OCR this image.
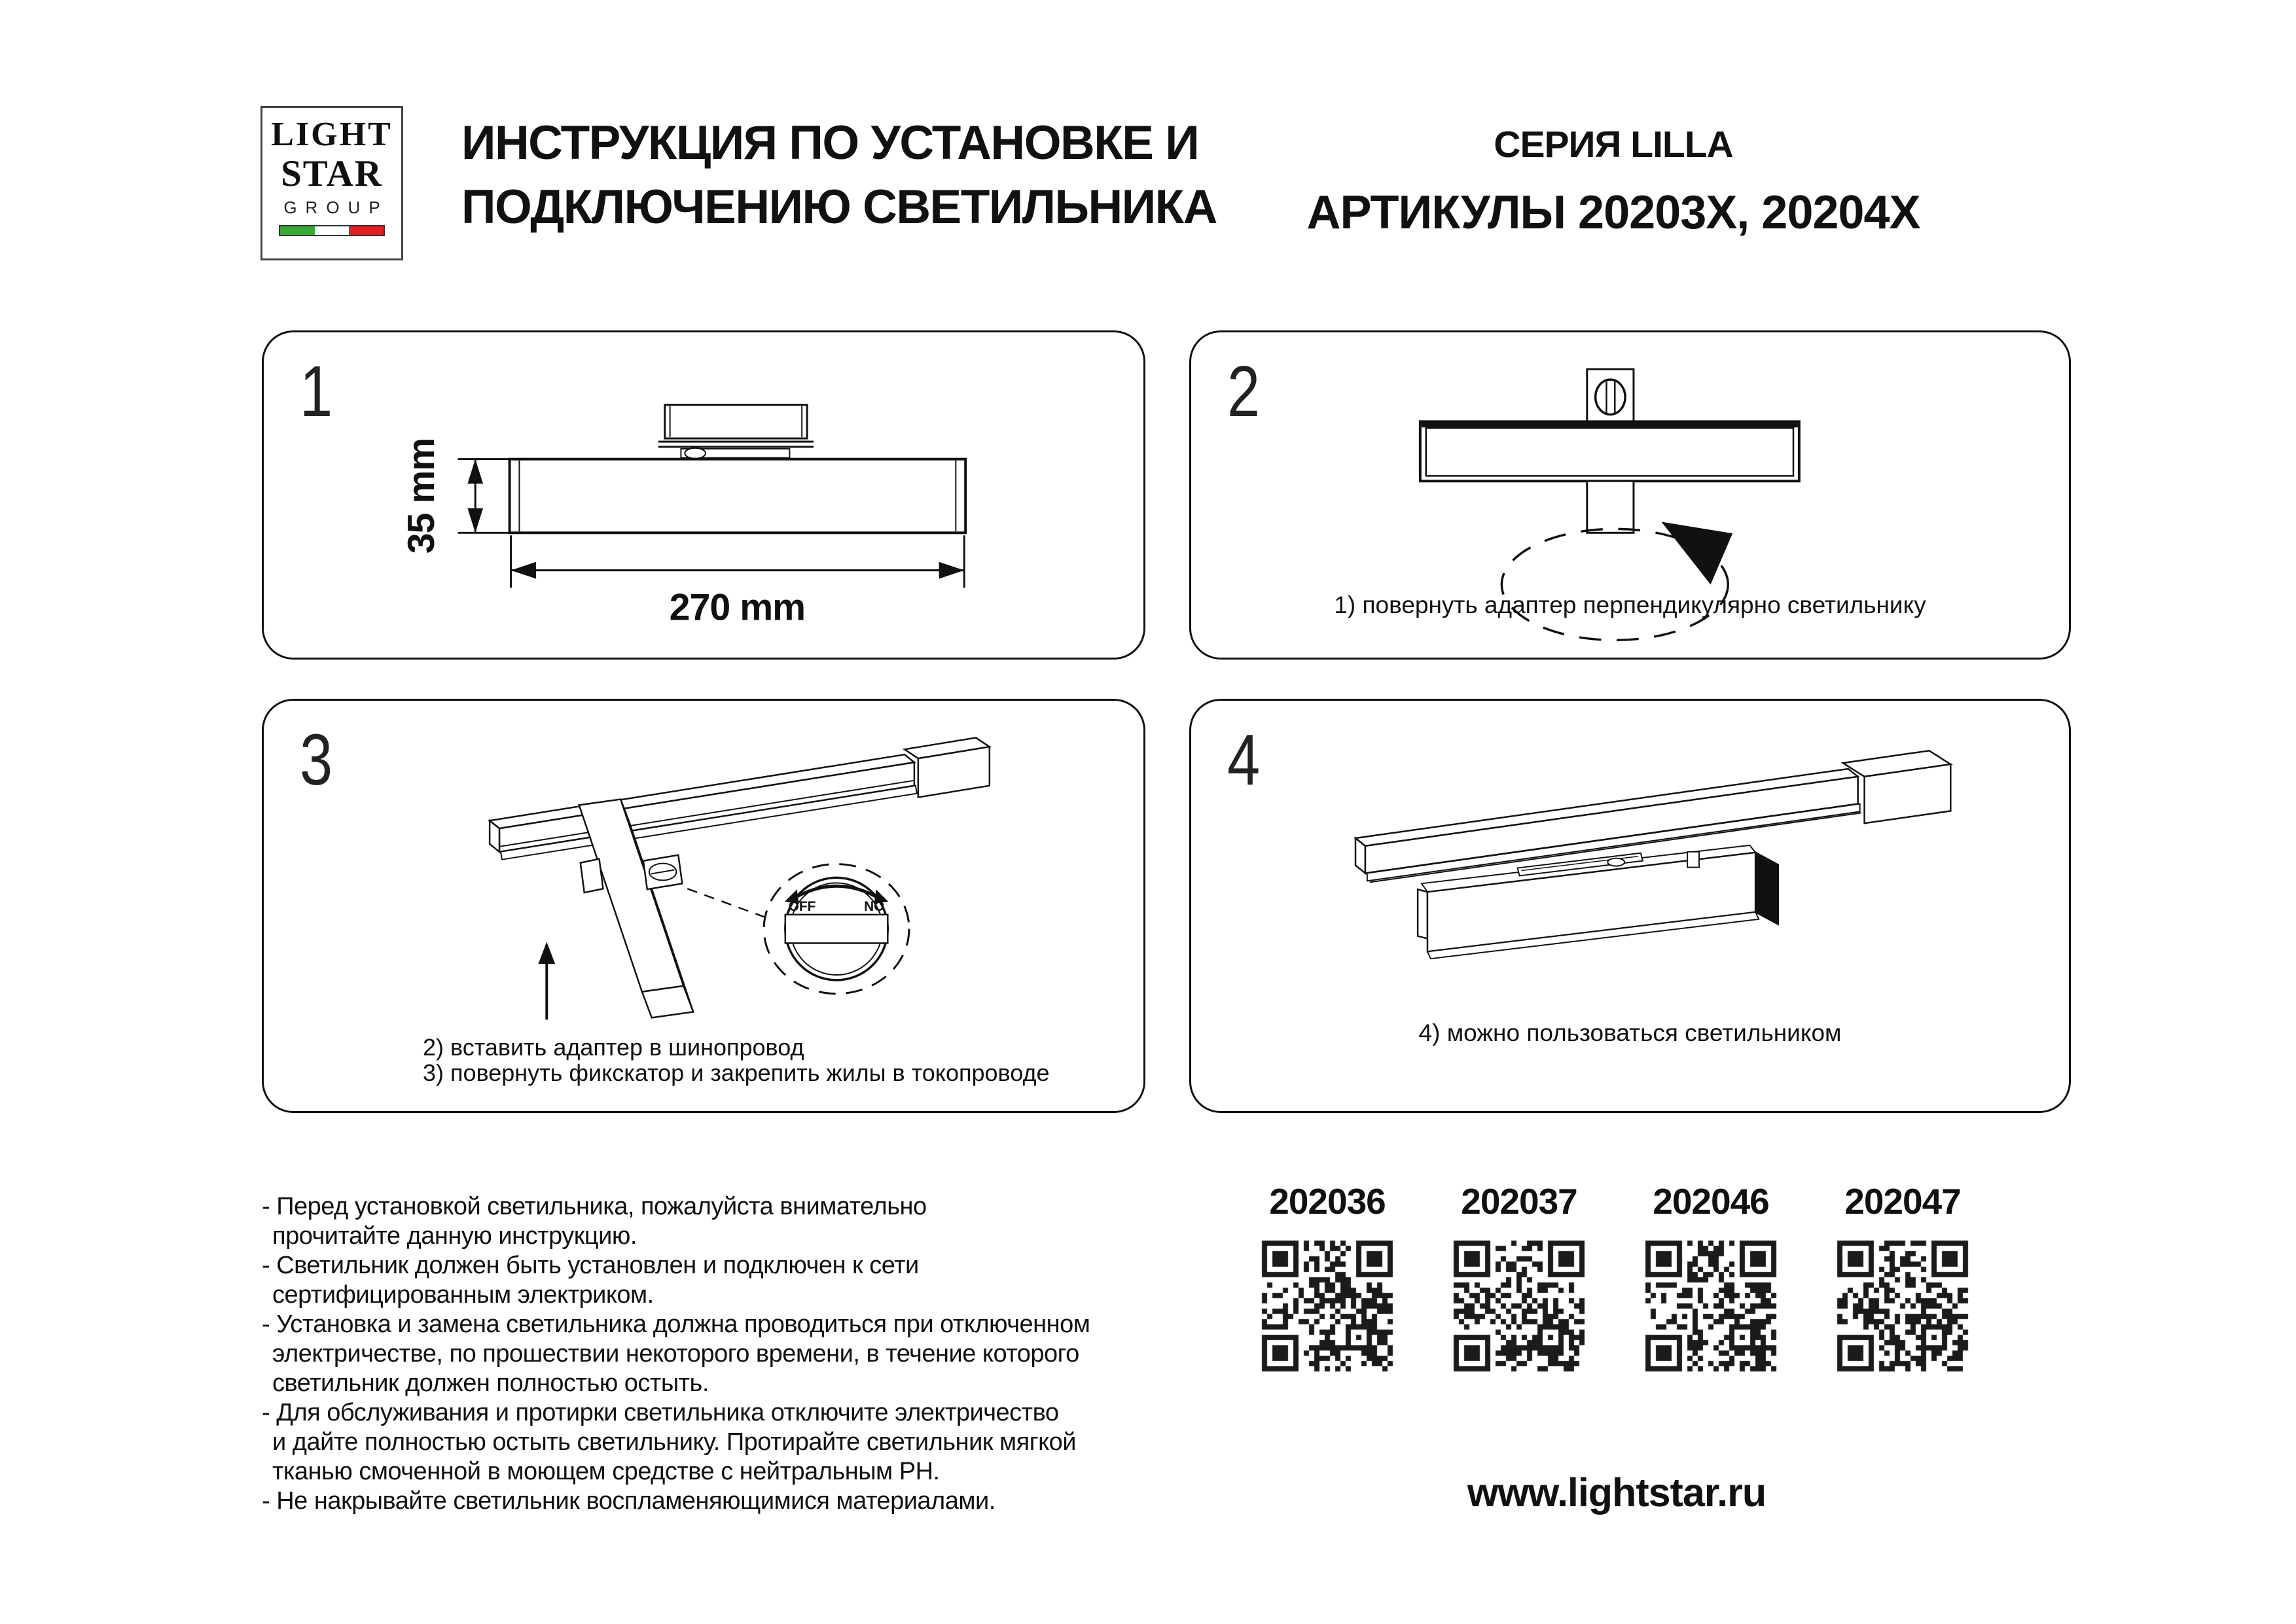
LIGHT
STAR
GROUP
ИНСТРУКЦИЯ ПО УСТАНОВКЕ И
ПОДКЛЮЧЕНИЮ СВЕТИЛЬНИКА
СЕРИЯ LILLA
АРТИКУЛЫ 20203X, 20204X
1
35 mm
270 mm
2
1) повернуть адаптер перпендикулярно светильнику
3
OFF	NO
2) вставить адаптер в шинопровод
3) повернуть фикскатор и закрепить жилы в токопроводе
4
4) можно пользоваться светильником
- Перед установкой светильника, пожалуйста внимательно
прочитайте данную инструкцию.
- Светильник должен быть установлен и подключен к сети
сертифицированным электриком.
- Установка и замена светильника должна проводиться при отключенном
электричестве, по прошествии некоторого времени, в течение которого
светильник должен полностью остыть.
- Для обслуживания и протирки светильника отключите электричество
и дайте полностью остыть светильнику. Протирайте светильник мягкой
тканью смоченной в моющем средстве с нейтральным PH.
- Не накрывайте светильник воспламеняющимися материалами.
202036 202037 202046 202047
www.lightstar.ru
